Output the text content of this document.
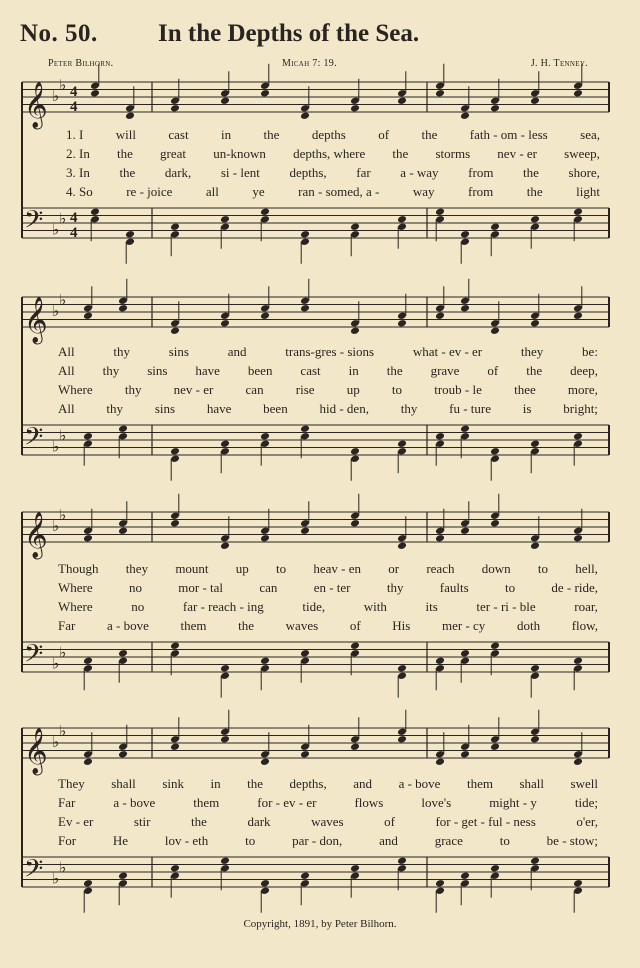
No. 50. In the Depths of the Sea.
Peter Bilhorn.	Micah 7: 19.	J. H. Tenney.
𝄞 ♭
♭ 4
4
𝄢 ♭
♭ 4
4
1. I will cast in the depths of the fath - om - less sea,
2. In the great un-known depths, where the storms nev - er sweep,
3. In the dark, si - lent depths, far a - way from the shore,
4. So	re - joice	all	ye	ran - somed, a -	way	from	the	light
𝄞 ♭
♭
𝄢 ♭
♭
All	thy	sins	and	trans-gres - sions	what - ev - er	they	be:
All thy sins have been cast in the grave of the deep,
Where thy nev - er can rise up to troub - le thee more,
All thy sins have been hid - den, thy fu - ture is bright;
𝄞 ♭
♭
𝄢 ♭
♭
Though they mount up to heav - en or reach down to hell,
Where	no	mor - tal	can	en - ter	thy	faults	to	de - ride,
Where	no	far - reach - ing	tide,	with	its	ter - ri - ble	roar,
Far a - bove them the waves of His mer - cy doth flow,
𝄞 ♭
♭
𝄢 ♭
♭
They shall sink in the depths, and a - bove them shall swell
Far	a - bove	them	for - ev - er	flows	love's	might - y	tide;
Ev - er	stir	the	dark	waves	of	for - get - ful - ness	o'er,
For	He	lov - eth	to	par - don,	and	grace	to	be - stow;
Copyright, 1891, by Peter Bilhorn.
